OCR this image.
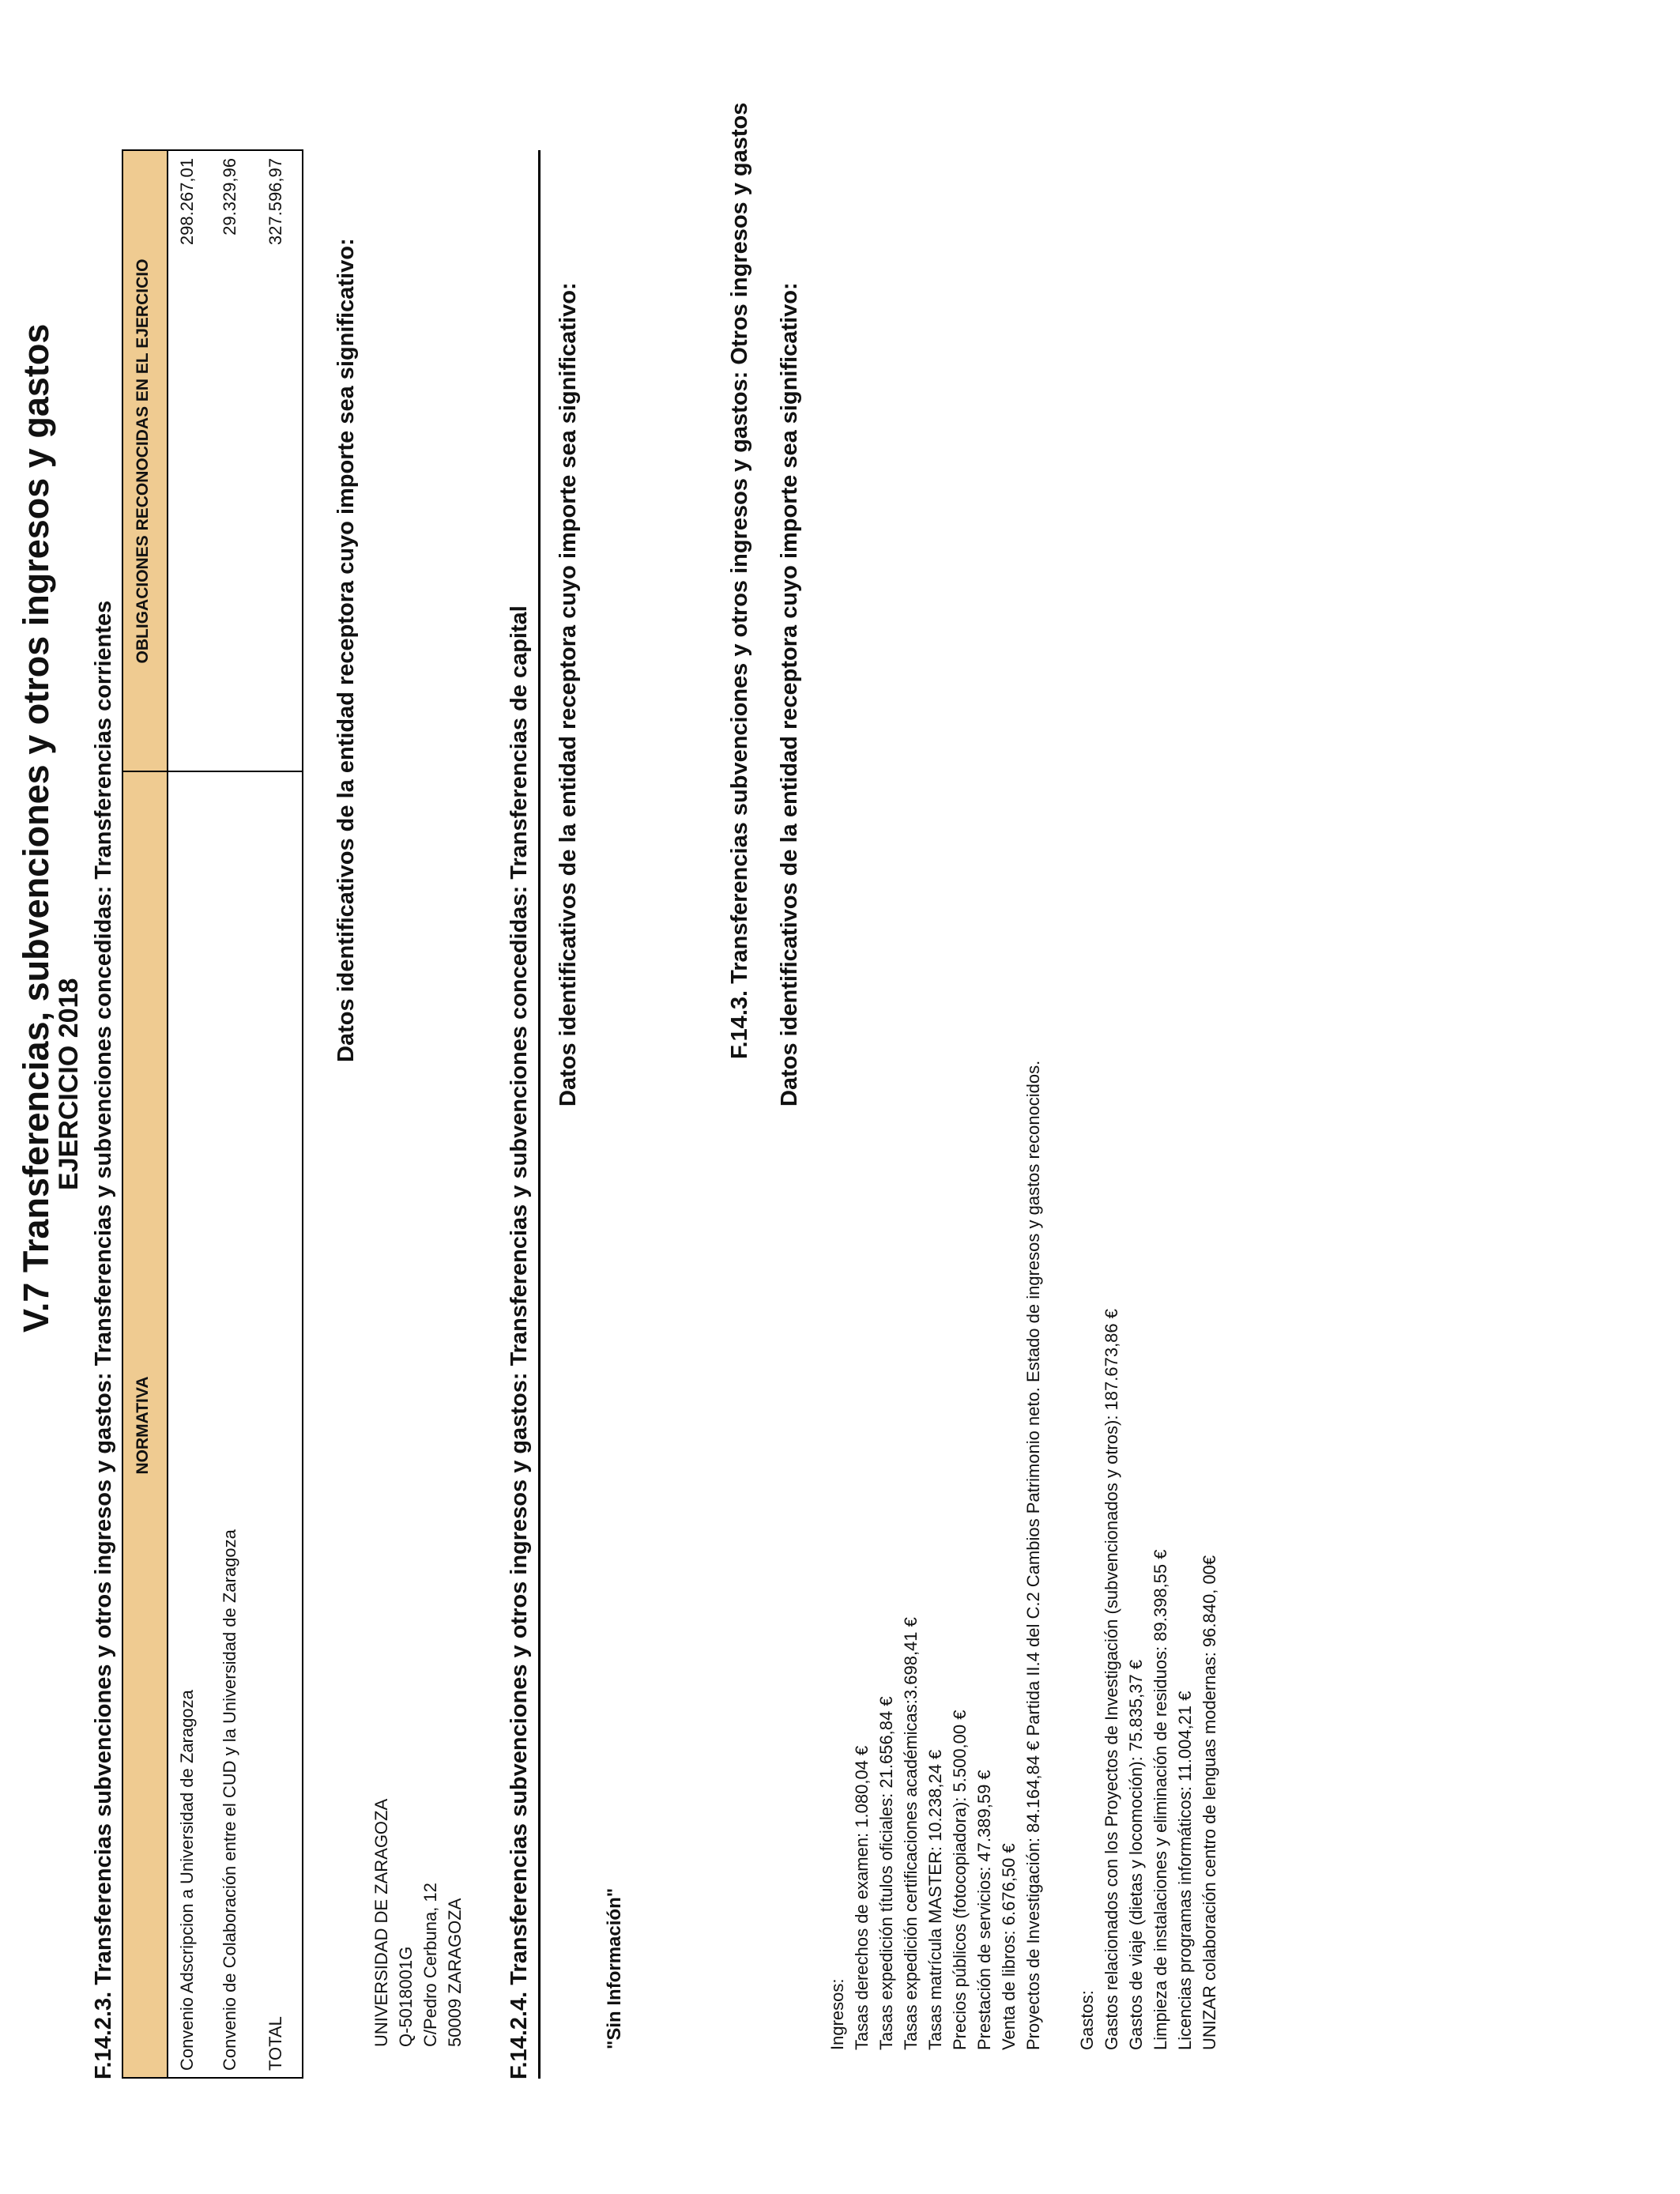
V.7 Transferencias, subvenciones y otros ingresos y gastos
EJERCICIO 2018 F.14.2.3. Transferencias subvenciones y otros ingresos y gastos: Transferencias y subvenciones concedidas: Transferencias corrientes	NORMATIVA
OBLIGACIONES RECONOCIDAS EN EL EJERCICIO
Convenio Adscripcion a Universidad de Zaragoza
298.267,01
Convenio de Colaboración entre el CUD y la Universidad de Zaragoza
29.329,96
TOTAL
327.596,97
Datos identificativos de la entidad receptora cuyo importe sea significativo:
UNIVERSIDAD DE ZARAGOZA Q-5018001G C/Pedro Cerbuna, 12 50009 ZARAGOZA F.14.2.4. Transferencias subvenciones y otros ingresos y gastos: Transferencias y subvenciones concedidas: Transferencias de capital Datos identificativos de la entidad receptora cuyo importe sea significativo:
"Sin Información"
F.14.3. Transferencias subvenciones y otros ingresos y gastos: Otros ingresos y gastos Datos identificativos de la entidad receptora cuyo importe sea significativo:
Ingresos: Tasas derechos de examen: 1.080,04 € Tasas expedición títulos oficiales: 21.656,84 € Tasas expedición certificaciones académicas:3.698,41 € Tasas matrícula MASTER: 10.238,24 € Precios públicos (fotocopiadora): 5.500,00 € Prestación de servicios: 47.389,59 € Venta de libros: 6.676,50 € Proyectos de Investigación: 84.164,84 € Partida II.4 del C.2 Cambios Patrimonio neto. Estado de ingresos y gastos reconocidos. Gastos: Gastos relacionados con los Proyectos de Investigación (subvencionados y otros): 187.673,86 € Gastos de viaje (dietas y locomoción): 75.835,37 € Limpieza de instalaciones y eliminación de residuos: 89.398,55 € Licencias programas informáticos: 11.004,21 € UNIZAR colaboración centro de lenguas modernas: 96.840, 00€
